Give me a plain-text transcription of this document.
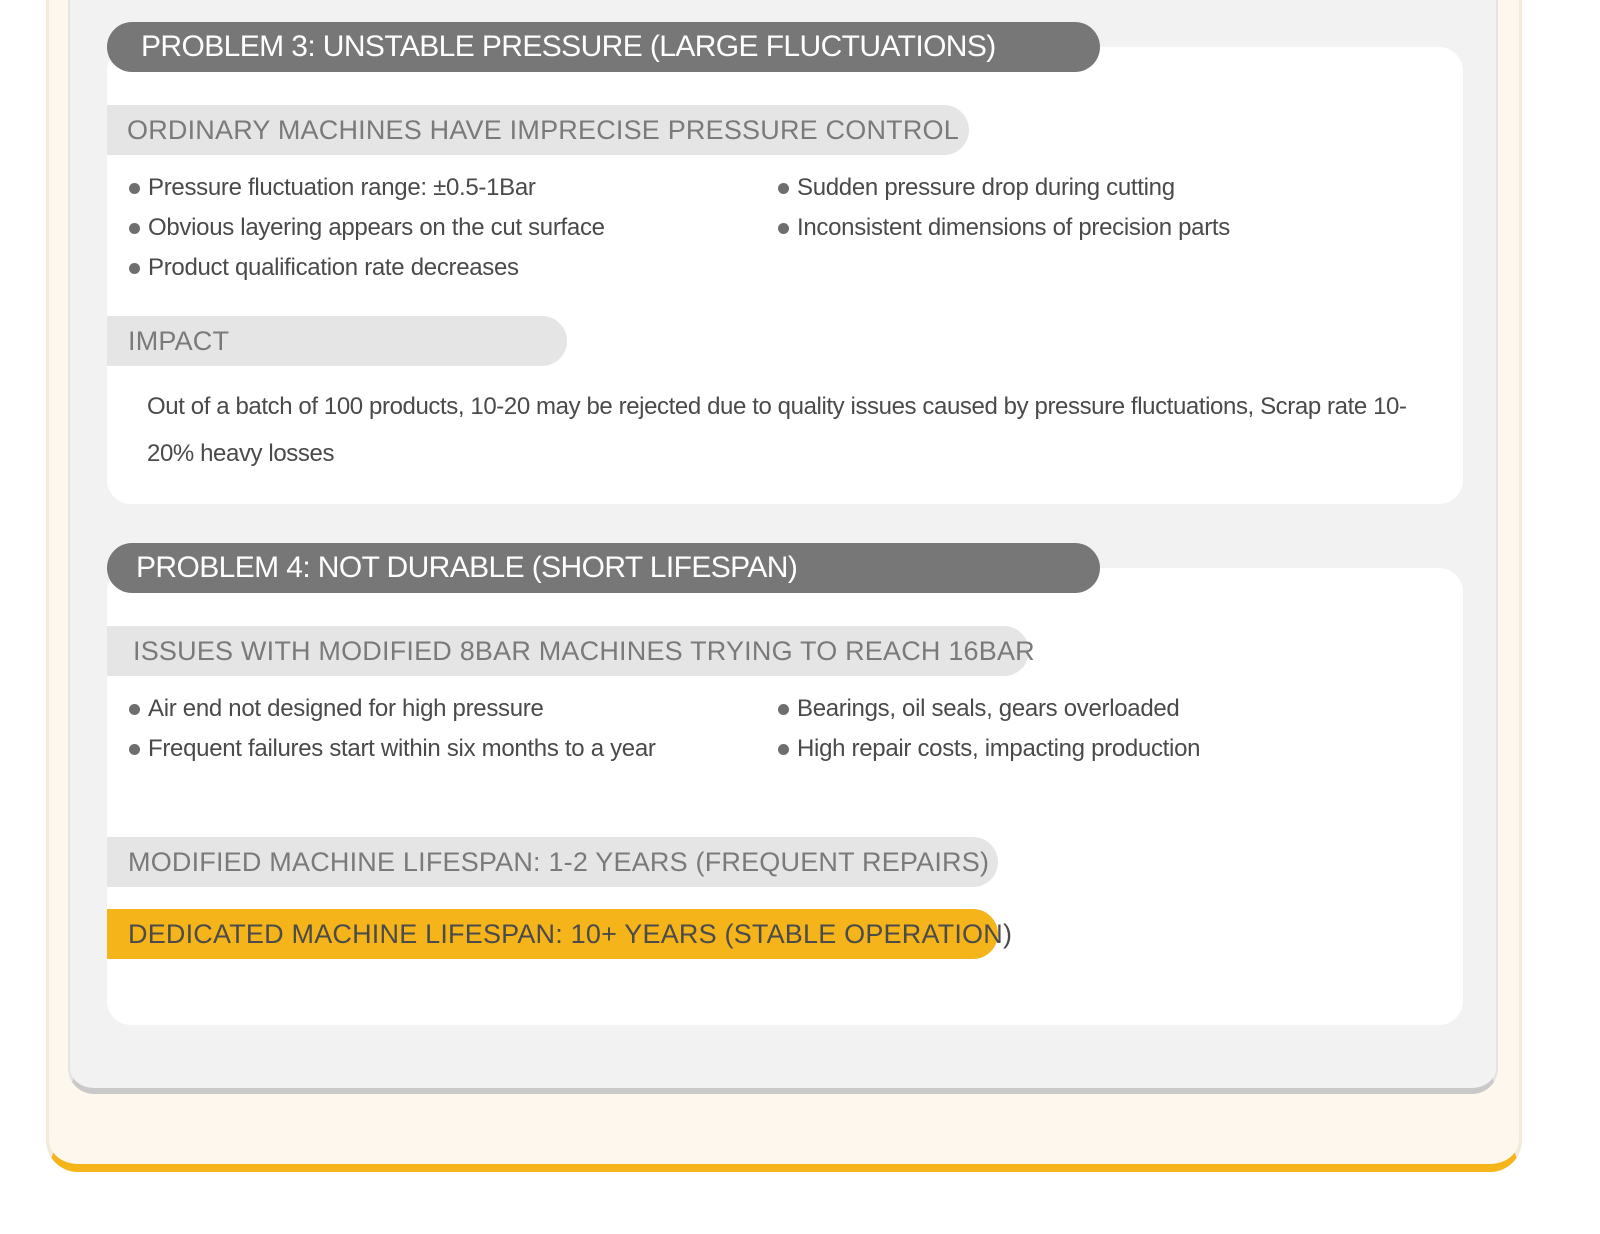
PROBLEM 3: UNSTABLE PRESSURE (LARGE FLUCTUATIONS)
ORDINARY MACHINES HAVE IMPRECISE PRESSURE CONTROL
Pressure fluctuation range: ±0.5-1Bar
Obvious layering appears on the cut surface
Product qualification rate decreases
Sudden pressure drop during cutting
Inconsistent dimensions of precision parts
IMPACT
Out of a batch of 100 products, 10-20 may be rejected due to quality issues caused by pressure fluctuations, Scrap rate 10-20% heavy losses
PROBLEM 4: NOT DURABLE (SHORT LIFESPAN)
ISSUES WITH MODIFIED 8BAR MACHINES TRYING TO REACH 16BAR
Air end not designed for high pressure
Frequent failures start within six months to a year
Bearings, oil seals, gears overloaded
High repair costs, impacting production
MODIFIED MACHINE LIFESPAN: 1-2 YEARS (FREQUENT REPAIRS)
DEDICATED MACHINE LIFESPAN: 10+ YEARS (STABLE OPERATION)
